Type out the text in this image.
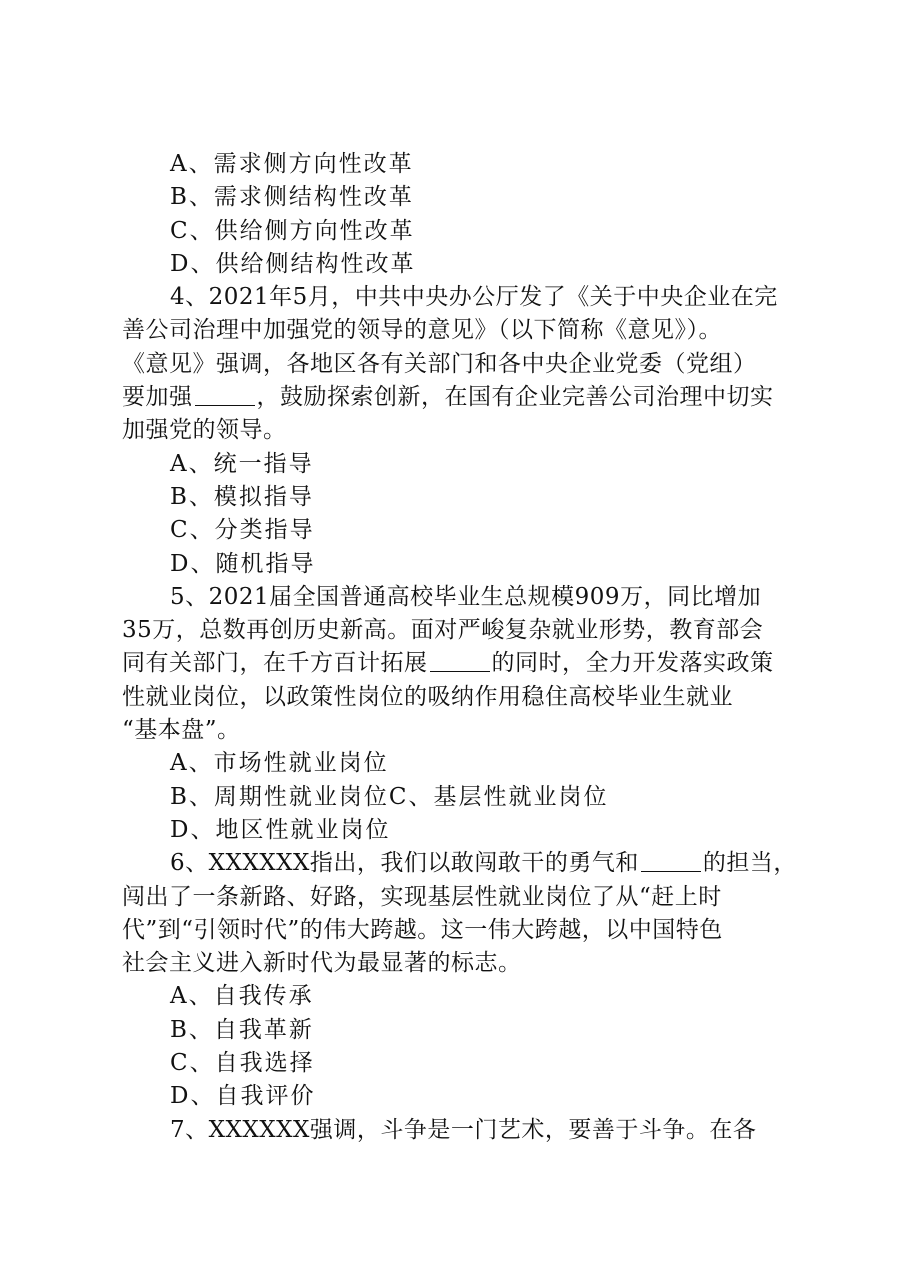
A、需求侧方向性改革
B、需求侧结构性改革
C、供给侧方向性改革
D、供给侧结构性改革
4、2021年5月，中共中央办公厅发了《关于中央企业在完
善公司治理中加强党的领导的意见》（以下简称《意见》）。
《意见》强调，各地区各有关部门和各中央企业党委（党组）
要加强	，鼓励探索创新，在国有企业完善公司治理中切实
加强党的领导。
A、统一指导
B、模拟指导
C、分类指导
D、随机指导
5、2021届全国普通高校毕业生总规模909万，同比增加
35万，总数再创历史新高。面对严峻复杂就业形势，教育部会
同有关部门，在千方百计拓展	的同时，全力开发落实政策
性就业岗位，以政策性岗位的吸纳作用稳住高校毕业生就业
“基本盘”。
A、市场性就业岗位
B、周期性就业岗位C、基层性就业岗位
D、地区性就业岗位
6、XXXXXX指出，我们以敢闯敢干的勇气和	的担当，
闯出了一条新路、好路，实现基层性就业岗位了从“赶上时
代”到“引领时代”的伟大跨越。这一伟大跨越，以中国特色
社会主义进入新时代为最显著的标志。
A、自我传承
B、自我革新
C、自我选择
D、自我评价
7、XXXXXX强调，斗争是一门艺术，要善于斗争。在各
